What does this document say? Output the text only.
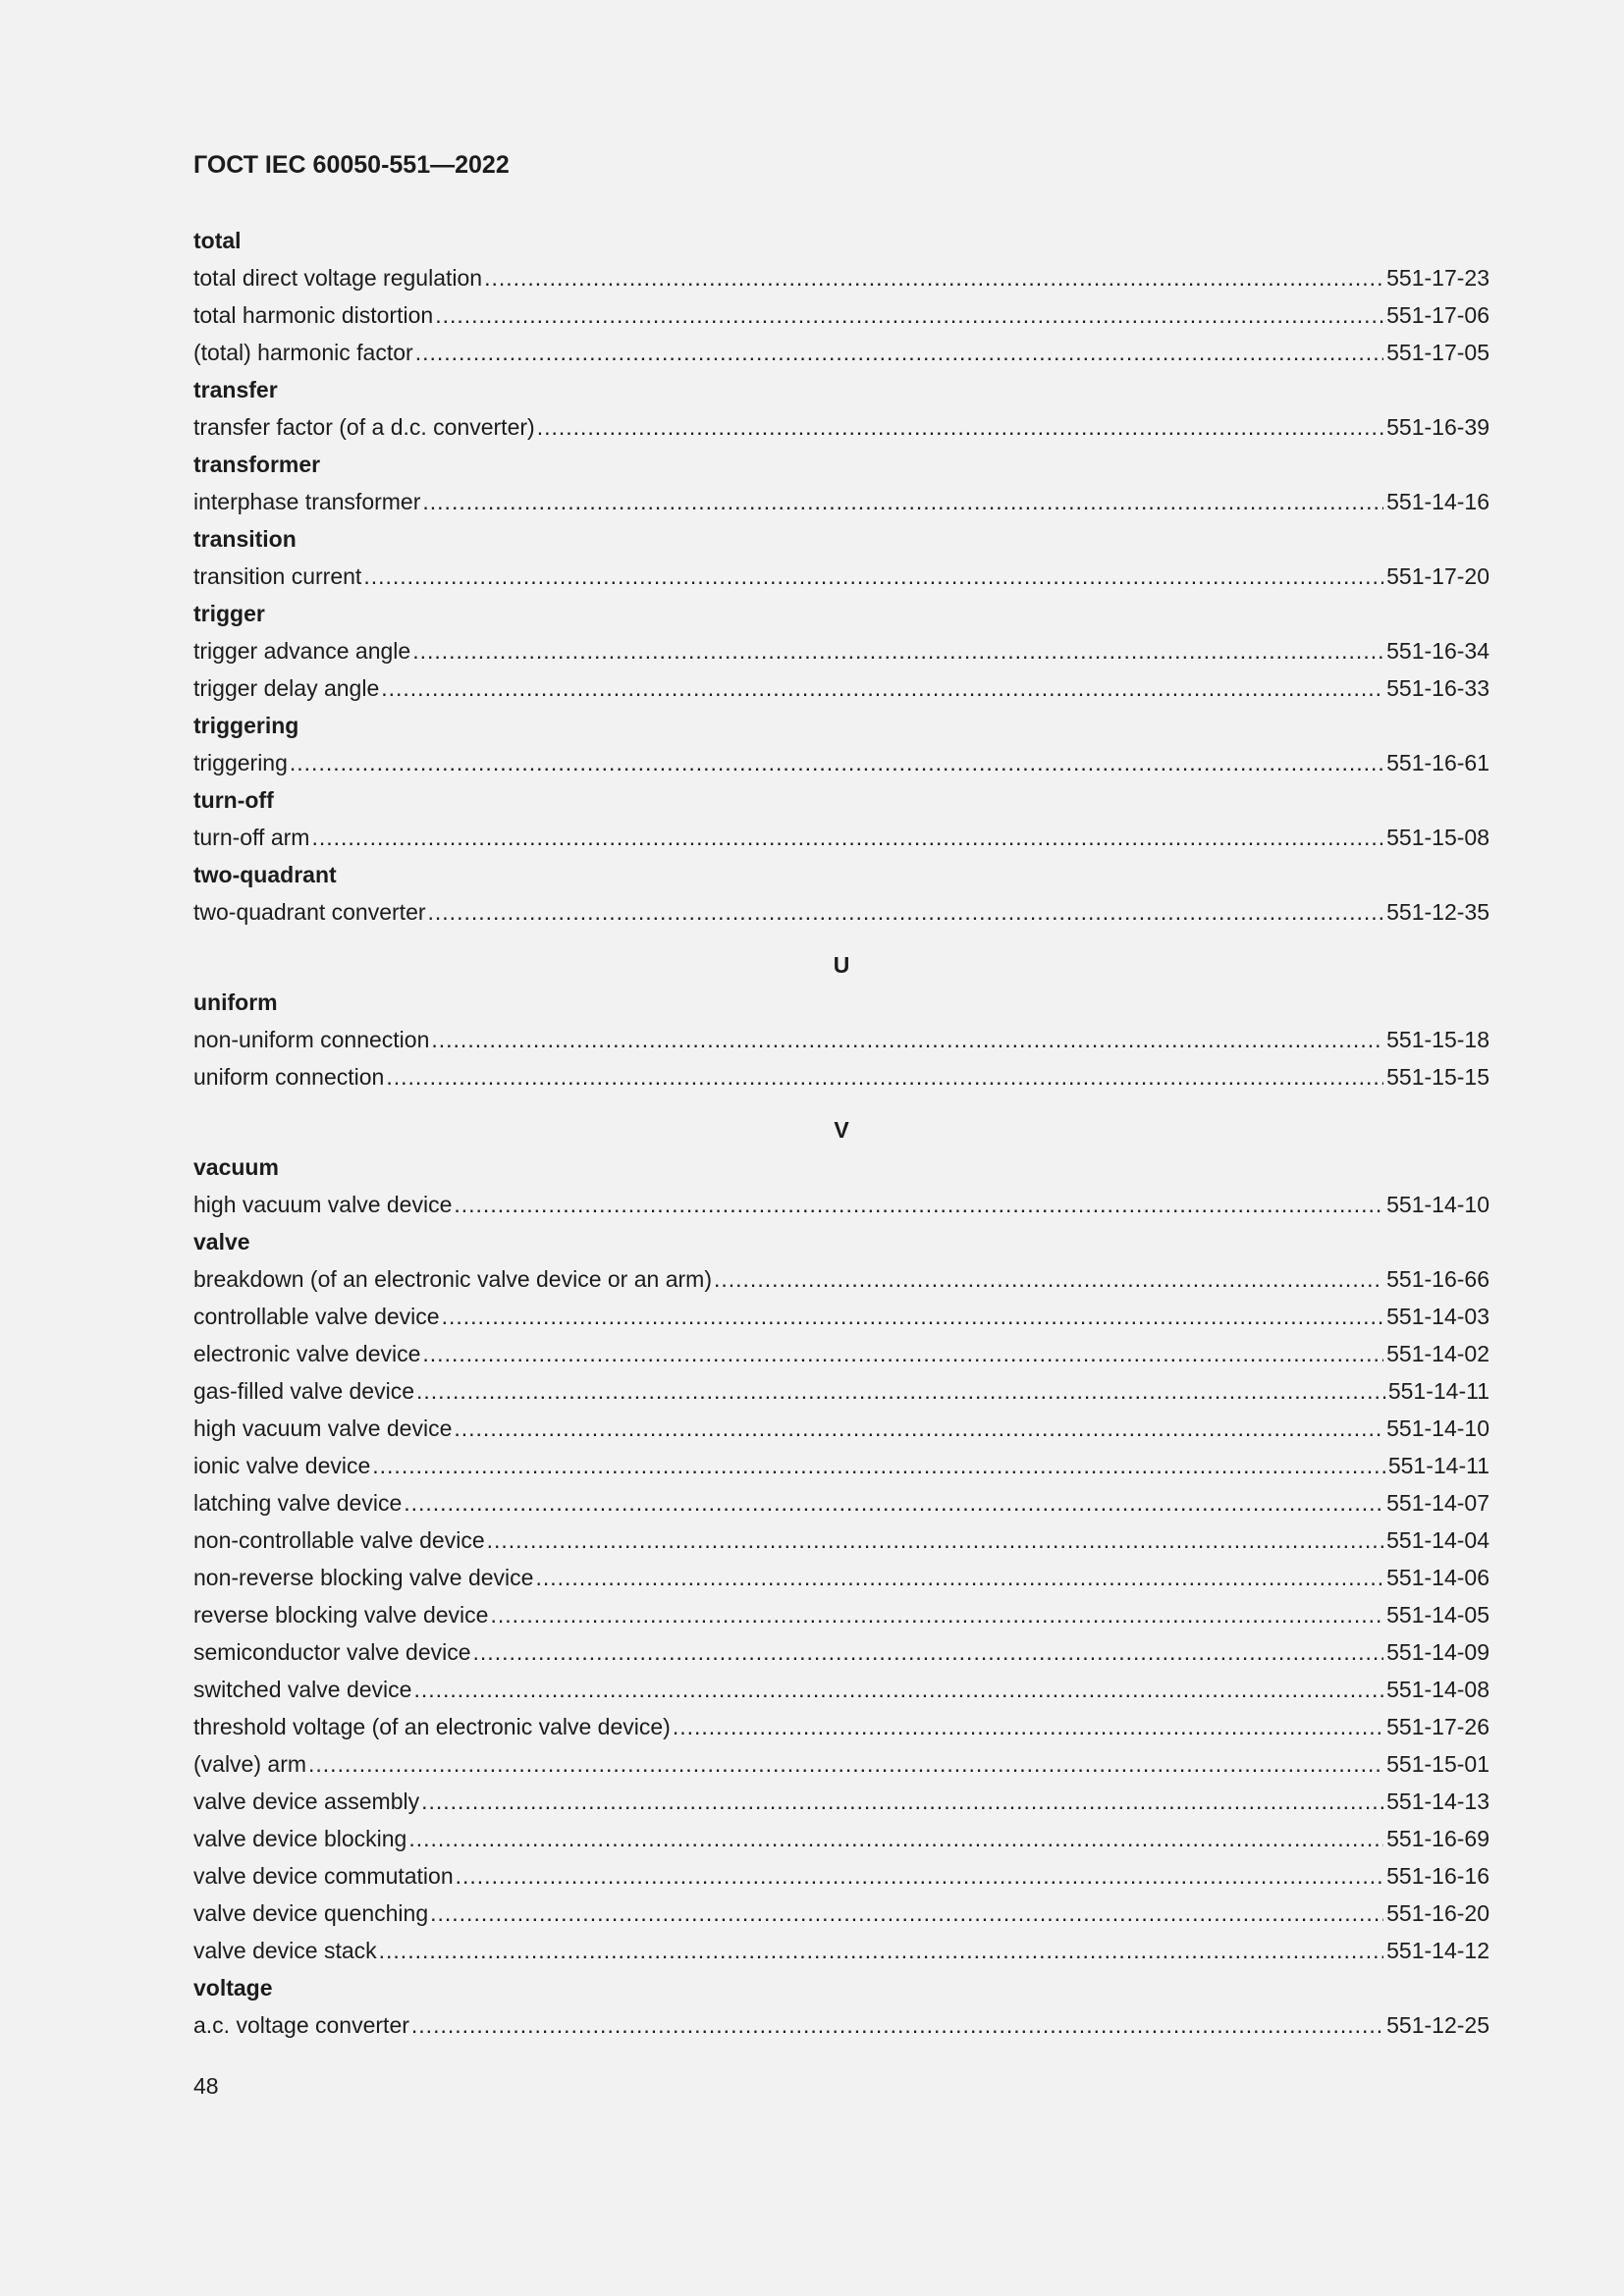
ГОСТ IEC 60050-551—2022
total
total direct voltage regulation .....	551-17-23
total harmonic distortion .....	551-17-06
(total) harmonic factor .....	551-17-05
transfer
transfer factor (of a d.c. converter) .....	551-16-39
transformer
interphase transformer .....	551-14-16
transition
transition current .....	551-17-20
trigger
trigger advance angle .....	551-16-34
trigger delay angle .....	551-16-33
triggering
triggering .....	551-16-61
turn-off
turn-off arm .....	551-15-08
two-quadrant
two-quadrant converter .....	551-12-35
U
uniform
non-uniform connection .....	551-15-18
uniform connection .....	551-15-15
V
vacuum
high vacuum valve device .....	551-14-10
valve
breakdown (of an electronic valve device or an arm) .....	551-16-66
controllable valve device .....	551-14-03
electronic valve device .....	551-14-02
gas-filled valve device .....	551-14-11
high vacuum valve device .....	551-14-10
ionic valve device .....	551-14-11
latching valve device .....	551-14-07
non-controllable valve device .....	551-14-04
non-reverse blocking valve device .....	551-14-06
reverse blocking valve device .....	551-14-05
semiconductor valve device .....	551-14-09
switched valve device .....	551-14-08
threshold voltage (of an electronic valve device) .....	551-17-26
(valve) arm .....	551-15-01
valve device assembly .....	551-14-13
valve device blocking .....	551-16-69
valve device commutation .....	551-16-16
valve device quenching .....	551-16-20
valve device stack .....	551-14-12
voltage
a.c. voltage converter .....	551-12-25
48
